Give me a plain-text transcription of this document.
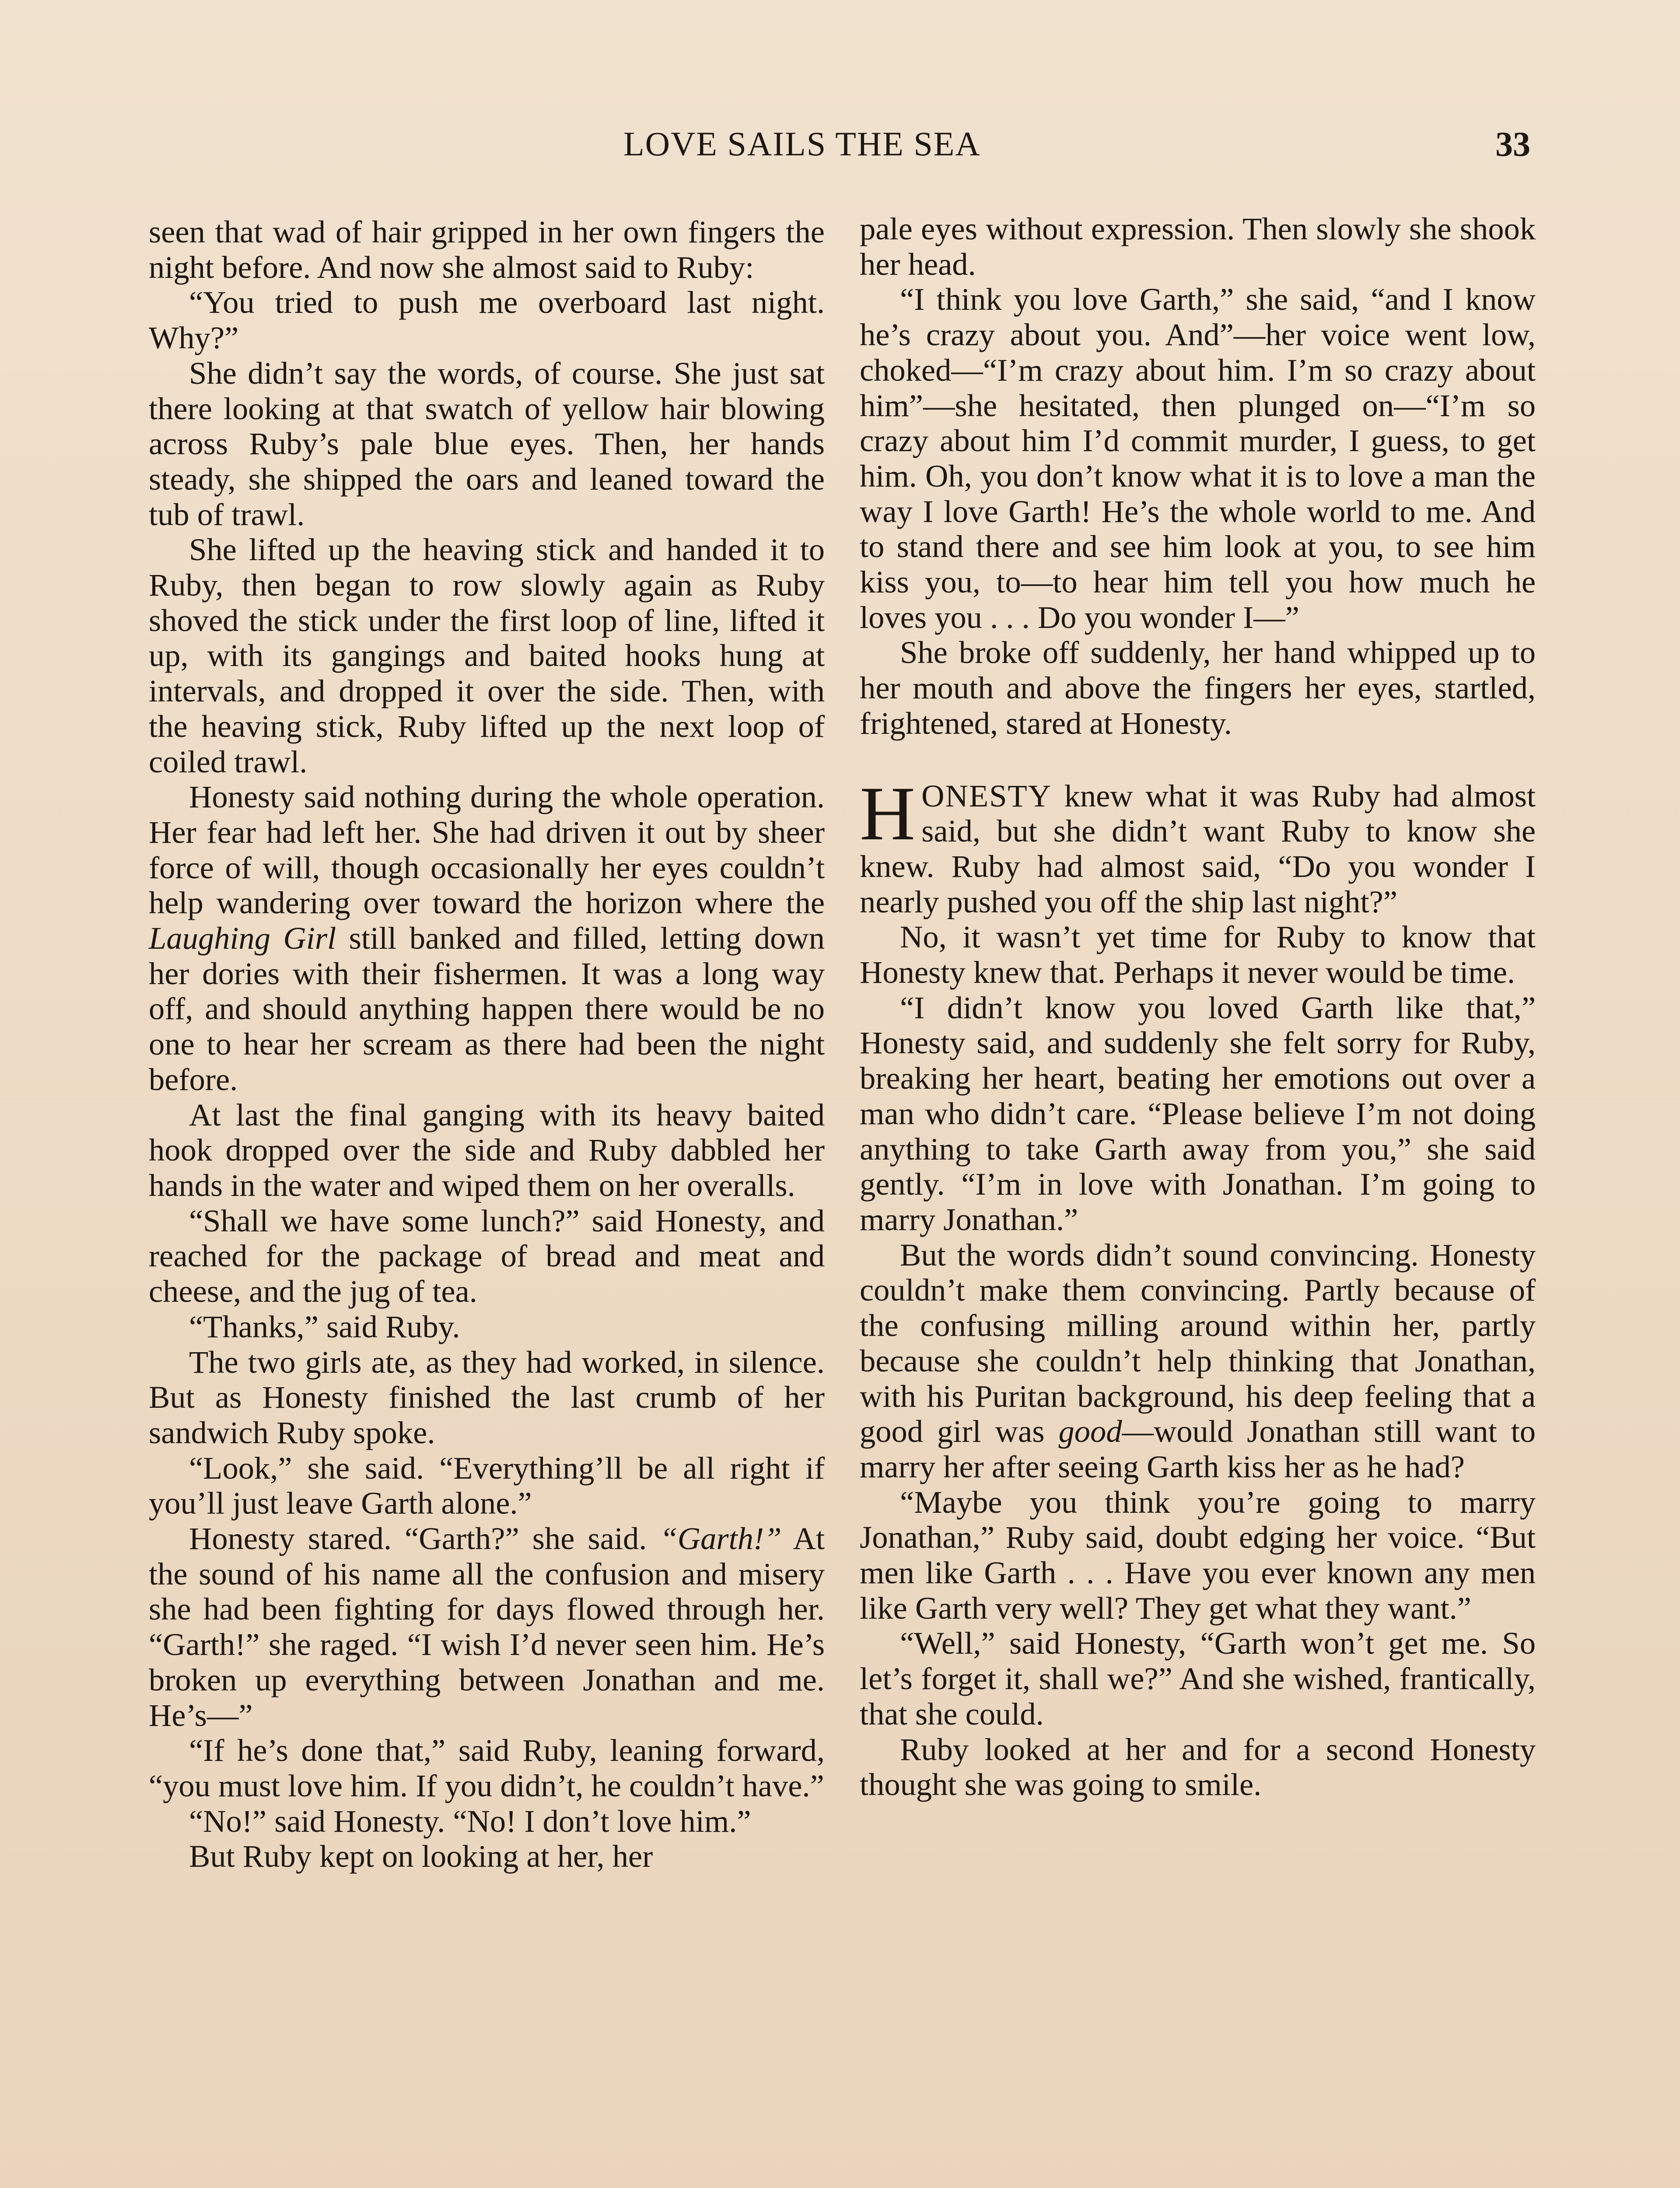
LOVE SAILS THE SEA	33

seen that wad of hair gripped in her own fingers the night before. And now she almost said to Ruby:

“You tried to push me overboard last night. Why?”

She didn’t say the words, of course. She just sat there looking at that swatch of yellow hair blowing across Ruby’s pale blue eyes. Then, her hands steady, she shipped the oars and leaned toward the tub of trawl.

She lifted up the heaving stick and handed it to Ruby, then began to row slowly again as Ruby shoved the stick under the first loop of line, lifted it up, with its gangings and baited hooks hung at intervals, and dropped it over the side. Then, with the heaving stick, Ruby lifted up the next loop of coiled trawl.

Honesty said nothing during the whole operation. Her fear had left her. She had driven it out by sheer force of will, though occasionally her eyes couldn’t help wandering over toward the horizon where the Laughing Girl still banked and filled, letting down her dories with their fishermen. It was a long way off, and should anything happen there would be no one to hear her scream as there had been the night before.

At last the final ganging with its heavy baited hook dropped over the side and Ruby dabbled her hands in the water and wiped them on her overalls.

“Shall we have some lunch?” said Honesty, and reached for the package of bread and meat and cheese, and the jug of tea.

“Thanks,” said Ruby.

The two girls ate, as they had worked, in silence. But as Honesty finished the last crumb of her sandwich Ruby spoke.

“Look,” she said. “Everything’ll be all right if you’ll just leave Garth alone.”

Honesty stared. “Garth?” she said. “Garth!” At the sound of his name all the confusion and misery she had been fighting for days flowed through her. “Garth!” she raged. “I wish I’d never seen him. He’s broken up everything between Jonathan and me. He’s—”

“If he’s done that,” said Ruby, leaning forward, “you must love him. If you didn’t, he couldn’t have.”

“No!” said Honesty. “No! I don’t love him.”

But Ruby kept on looking at her, her

pale eyes without expression. Then slowly she shook her head.

“I think you love Garth,” she said, “and I know he’s crazy about you. And”—her voice went low, choked—“I’m crazy about him. I’m so crazy about him”—she hesitated, then plunged on—“I’m so crazy about him I’d commit murder, I guess, to get him. Oh, you don’t know what it is to love a man the way I love Garth! He’s the whole world to me. And to stand there and see him look at you, to see him kiss you, to—to hear him tell you how much he loves you . . . Do you wonder I—”

She broke off suddenly, her hand whipped up to her mouth and above the fingers her eyes, startled, frightened, stared at Honesty.

HONESTY knew what it was Ruby had almost said, but she didn’t want Ruby to know she knew. Ruby had almost said, “Do you wonder I nearly pushed you off the ship last night?”

No, it wasn’t yet time for Ruby to know that Honesty knew that. Perhaps it never would be time.

“I didn’t know you loved Garth like that,” Honesty said, and suddenly she felt sorry for Ruby, breaking her heart, beating her emotions out over a man who didn’t care. “Please believe I’m not doing anything to take Garth away from you,” she said gently. “I’m in love with Jonathan. I’m going to marry Jonathan.”

But the words didn’t sound convincing. Honesty couldn’t make them convincing. Partly because of the confusing milling around within her, partly because she couldn’t help thinking that Jonathan, with his Puritan background, his deep feeling that a good girl was good—would Jonathan still want to marry her after seeing Garth kiss her as he had?

“Maybe you think you’re going to marry Jonathan,” Ruby said, doubt edging her voice. “But men like Garth . . . Have you ever known any men like Garth very well? They get what they want.”

“Well,” said Honesty, “Garth won’t get me. So let’s forget it, shall we?” And she wished, frantically, that she could.

Ruby looked at her and for a second Honesty thought she was going to smile.
